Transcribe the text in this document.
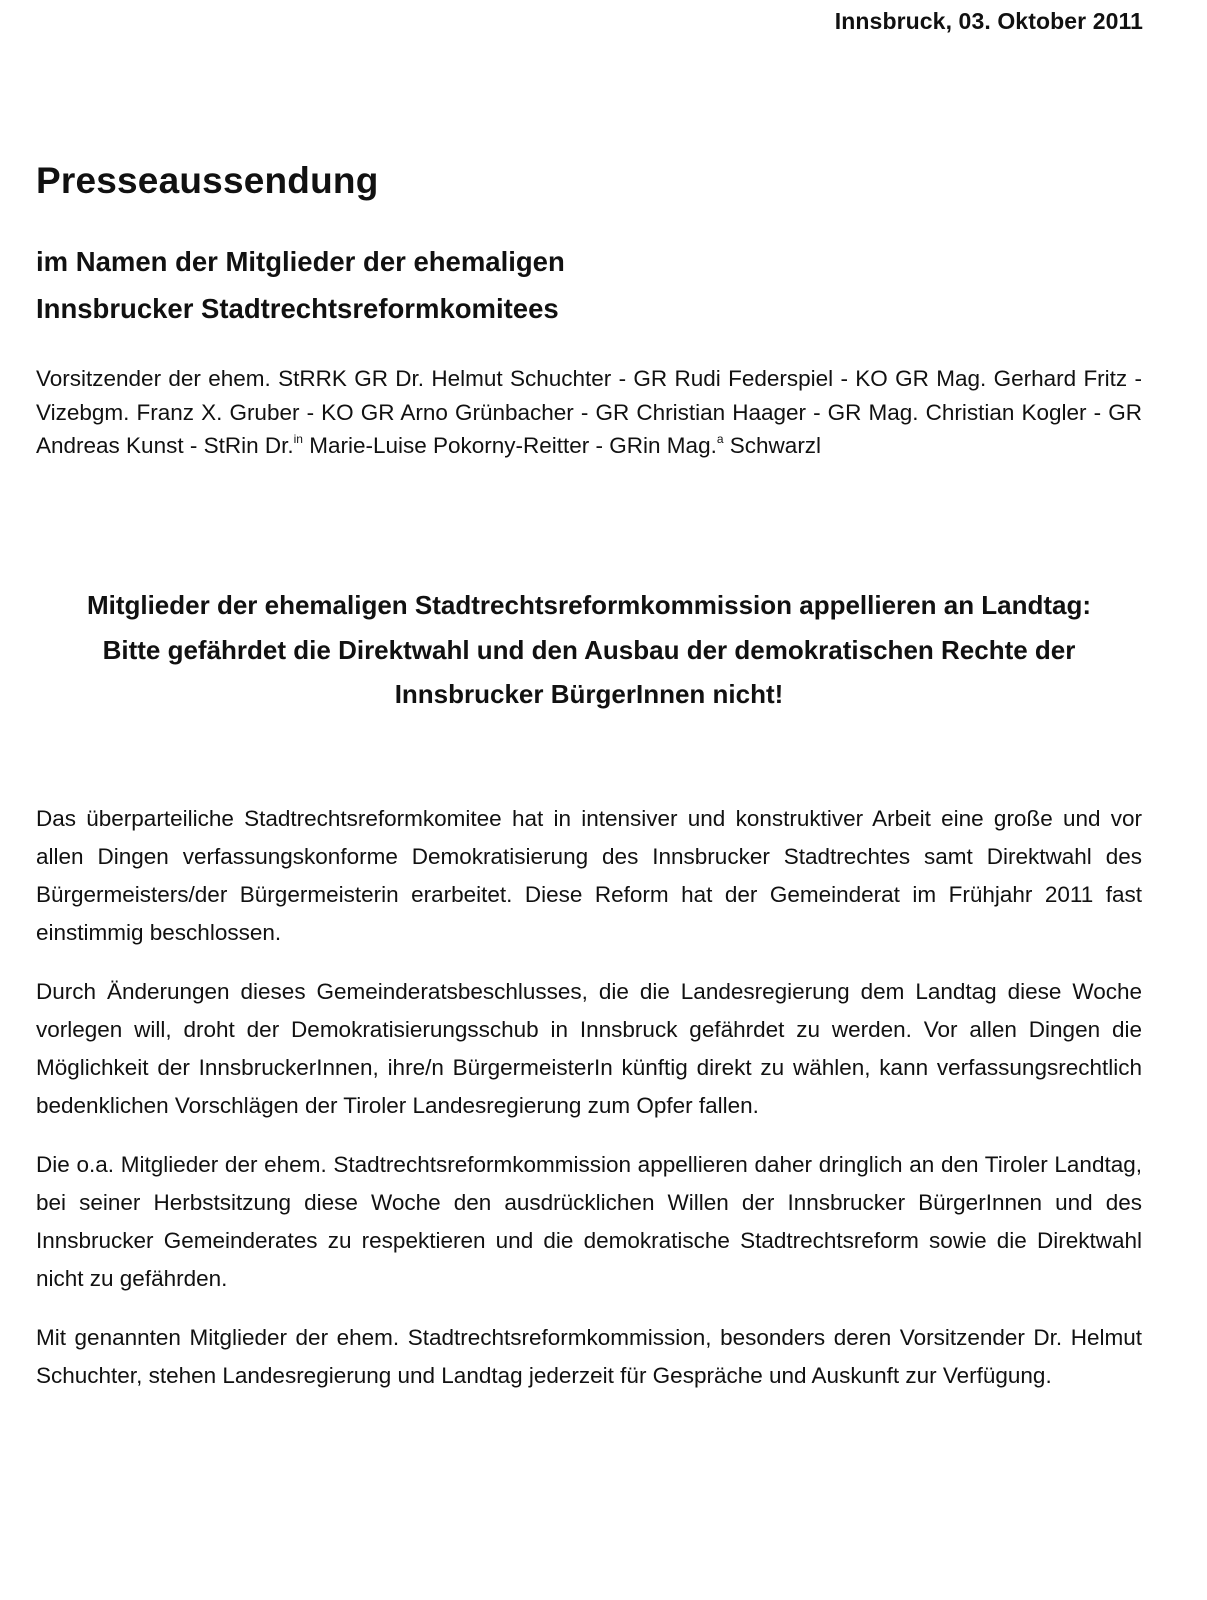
Innsbruck, 03. Oktober 2011
Presseaussendung
im Namen der Mitglieder der ehemaligen
Innsbrucker Stadtrechtsreformkomitees

Vorsitzender der ehem. StRRK GR Dr. Helmut Schuchter - GR Rudi Federspiel - KO GR Mag. Gerhard Fritz - Vizebgm. Franz X. Gruber - KO GR Arno Grünbacher - GR Christian Haager - GR Mag. Christian Kogler - GR Andreas Kunst - StRin Dr.$^{in}$ Marie-Luise Pokorny-Reitter - GRin Mag.$^a$ Schwarzl

Mitglieder der ehemaligen Stadtrechtsreformkommission appellieren an Landtag:
Bitte gefährdet die Direktwahl und den Ausbau der demokratischen Rechte der
Innsbrucker BürgerInnen nicht!

Das überparteiliche Stadtrechtsreformkomitee hat in intensiver und konstruktiver Arbeit eine große und vor allen Dingen verfassungskonforme Demokratisierung des Innsbrucker Stadtrechtes samt Direktwahl des Bürgermeisters/der Bürgermeisterin erarbeitet. Diese Reform hat der Gemeinderat im Frühjahr 2011 fast einstimmig beschlossen.

Durch Änderungen dieses Gemeinderatsbeschlusses, die die Landesregierung dem Landtag diese Woche vorlegen will, droht der Demokratisierungsschub in Innsbruck gefährdet zu werden. Vor allen Dingen die Möglichkeit der InnsbruckerInnen, ihre/n BürgermeisterIn künftig direkt zu wählen, kann verfassungsrechtlich bedenklichen Vorschlägen der Tiroler Landesregierung zum Opfer fallen.

Die o.a. Mitglieder der ehem. Stadtrechtsreformkommission appellieren daher dringlich an den Tiroler Landtag, bei seiner Herbstsitzung diese Woche den ausdrücklichen Willen der Innsbrucker BürgerInnen und des Innsbrucker Gemeinderates zu respektieren und die demokratische Stadtrechtsreform sowie die Direktwahl nicht zu gefährden.

Mit genannten Mitglieder der ehem. Stadtrechtsreformkommission, besonders deren Vorsitzender Dr. Helmut Schuchter, stehen Landesregierung und Landtag jederzeit für Gespräche und Auskunft zur Verfügung.
